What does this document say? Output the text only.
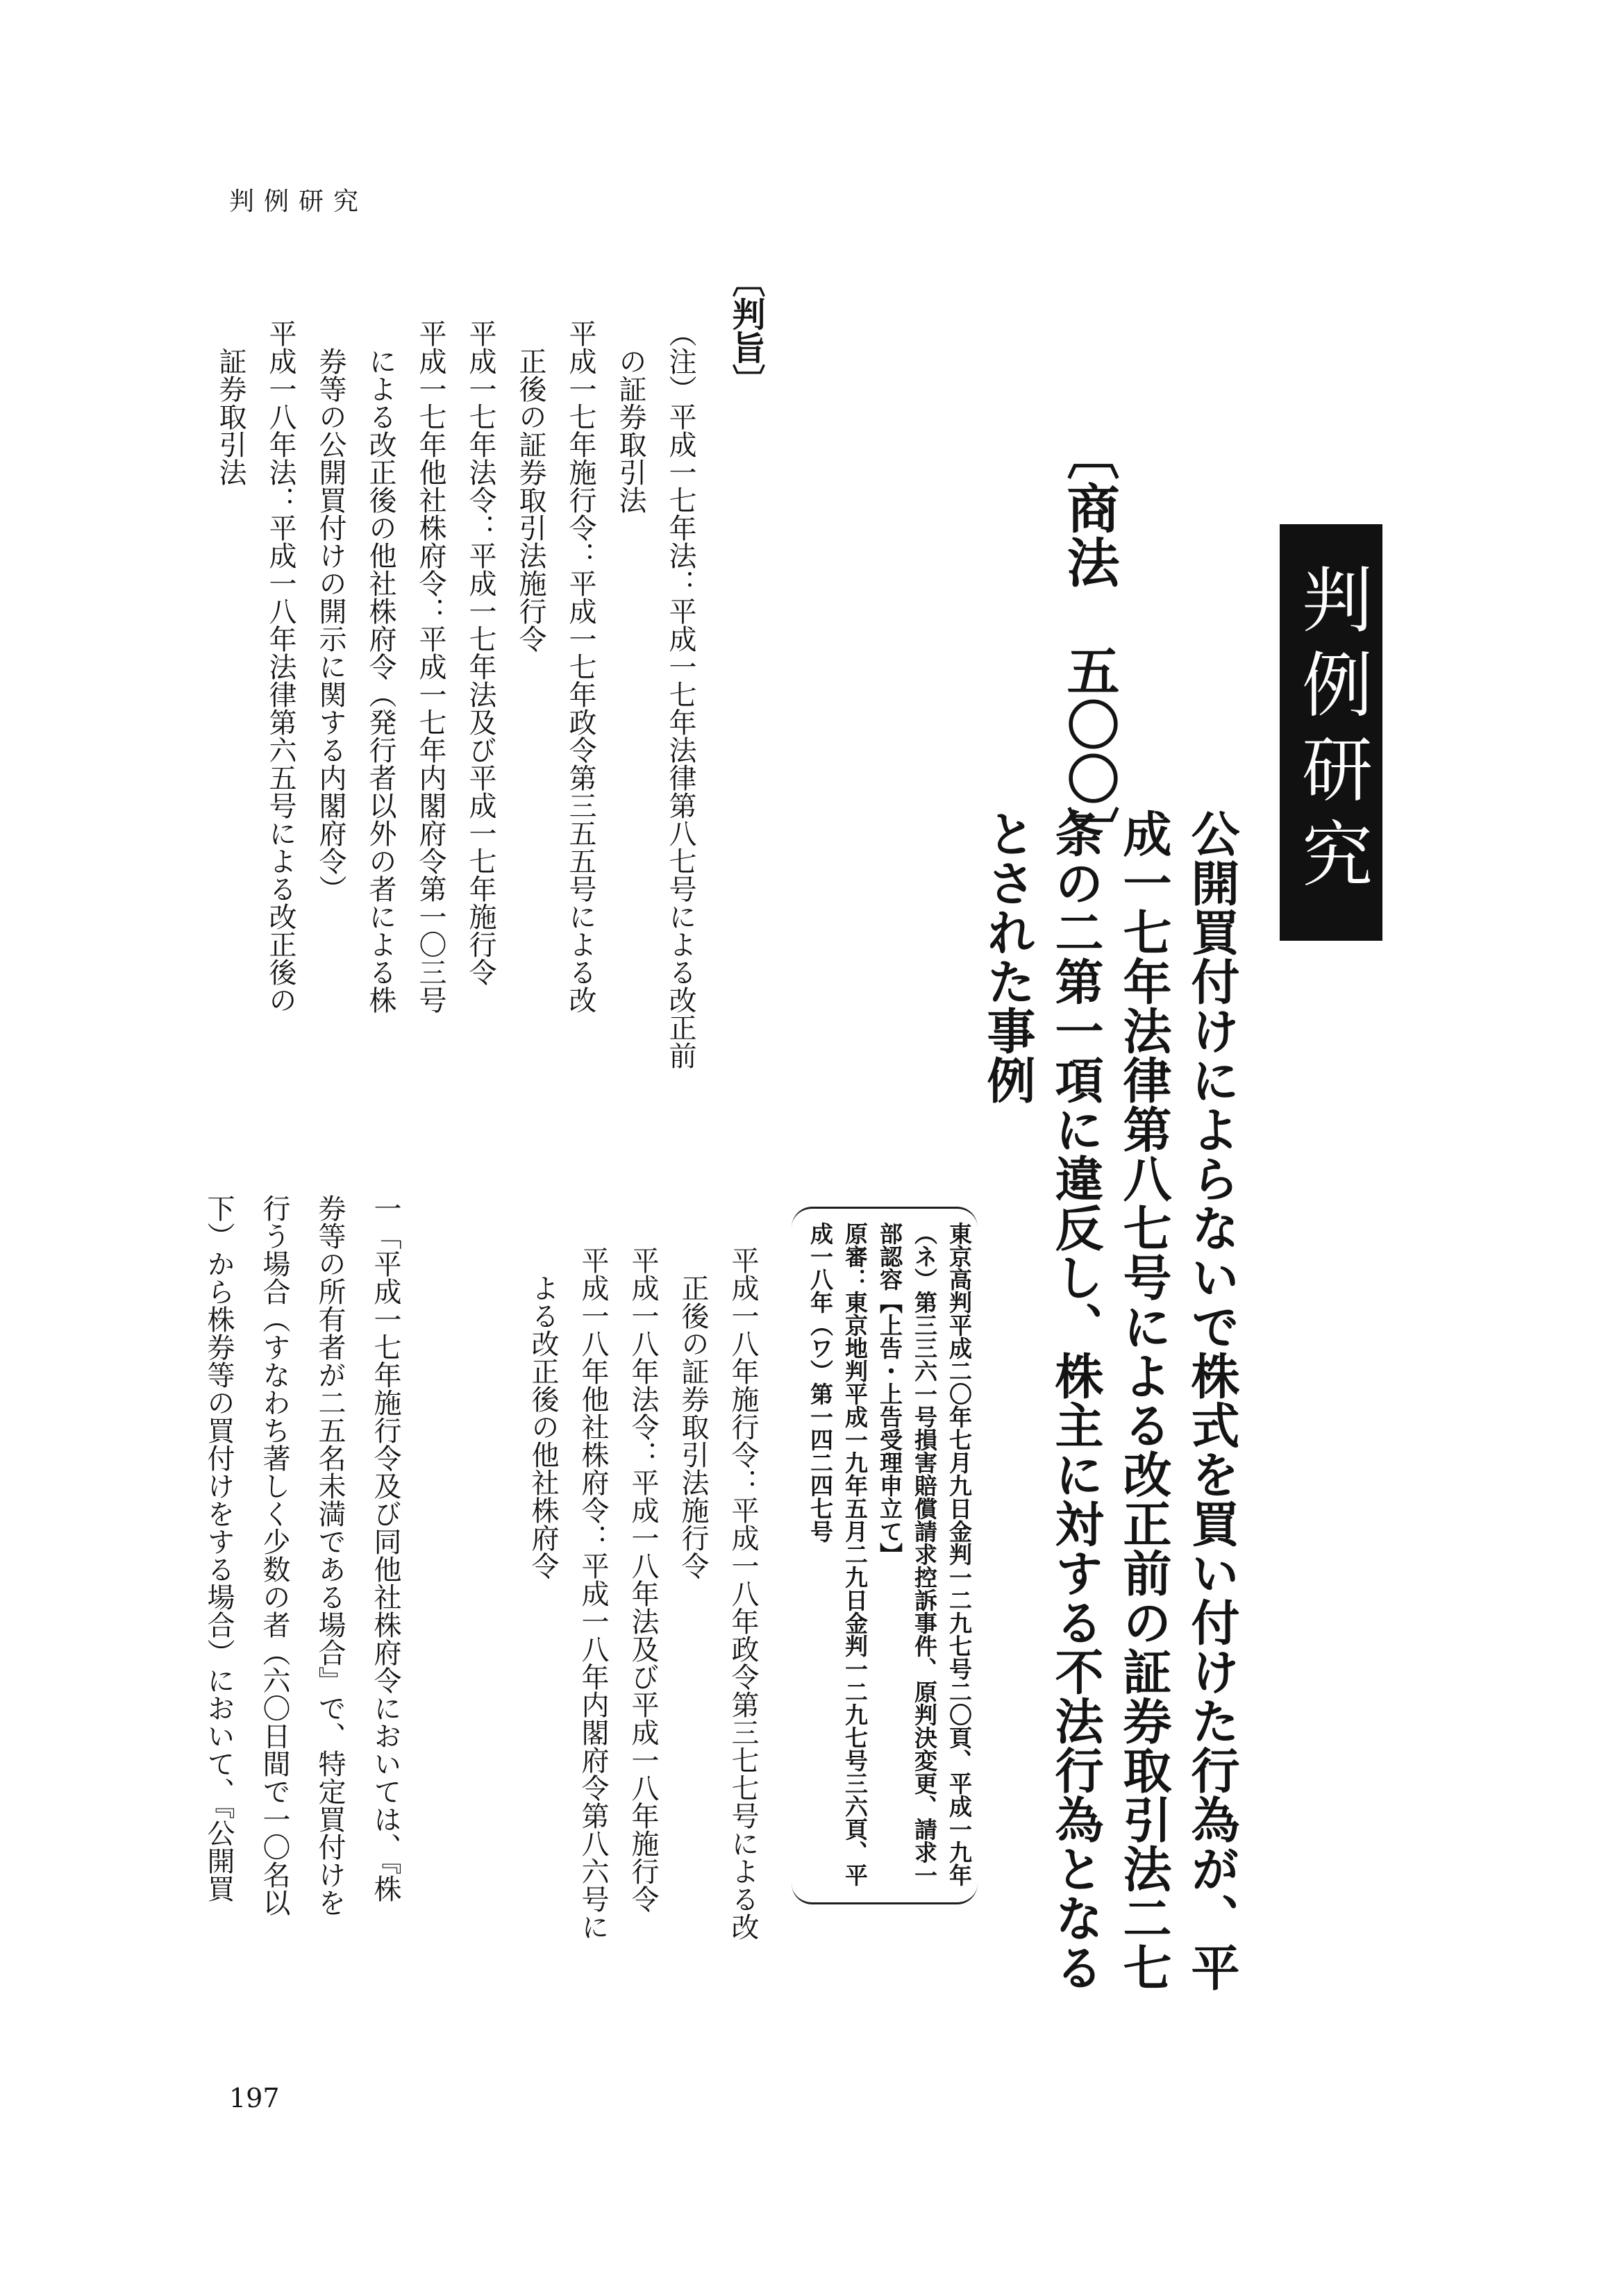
判例研究
判例研究
〔商法　五〇〇〕
公開買付けによらないで株式を買い付けた行為が、平
成一七年法律第八七号による改正前の証券取引法二七
条の二第一項に違反し、株主に対する不法行為となる
とされた事例
東京高判平成二〇年七月九日金判一二九七号二〇頁、平成一九年
（ネ）第三三六一号損害賠償請求控訴事件、原判決変更、請求一
部認容【上告・上告受理申立て】
原審：東京地判平成一九年五月二九日金判一二九七号三六頁、平
成一八年（ワ）第一四二四七号
平成一八年施行令：平成一八年政令第三七七号による改
　正後の証券取引法施行令
平成一八年法令：平成一八年法及び平成一八年施行令
平成一八年他社株府令：平成一八年内閣府令第八六号に
　よる改正後の他社株府令
〔判旨〕
（注）平成一七年法：平成一七年法律第八七号による改正前
　の証券取引法
平成一七年施行令：平成一七年政令第三五五号による改
　正後の証券取引法施行令
平成一七年法令：平成一七年法及び平成一七年施行令
平成一七年他社株府令：平成一七年内閣府令第一〇三号
　による改正後の他社株府令（発行者以外の者による株
　券等の公開買付けの開示に関する内閣府令）
平成一八年法：平成一八年法律第六五号による改正後の
　証券取引法
一「平成一七年施行令及び同他社株府令においては、『株
券等の所有者が二五名未満である場合』で、特定買付けを
行う場合（すなわち著しく少数の者（六〇日間で一〇名以
下）から株券等の買付けをする場合）において、『公開買
197
